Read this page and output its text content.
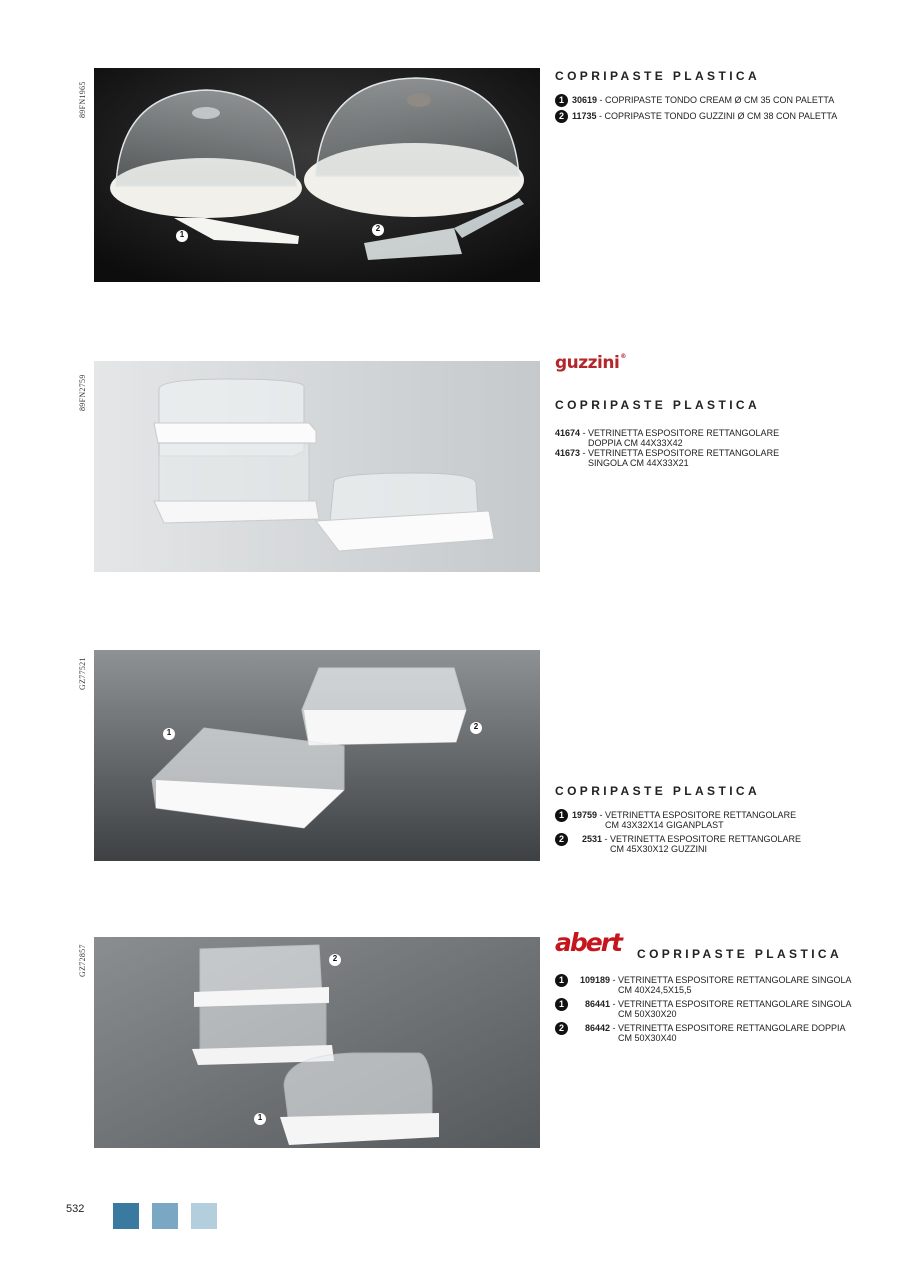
89FN1965
1
2
COPRIPASTE PLASTICA
1 30619 - COPRIPASTE TONDO CREAM Ø CM 35 CON PALETTA
2 11735 - COPRIPASTE TONDO GUZZINI Ø CM 38 CON PALETTA
89FN2759
guzzini®
COPRIPASTE PLASTICA
41674 - VETRINETTA ESPOSITORE RETTANGOLARE
DOPPIA CM 44X33X42
41673 - VETRINETTA ESPOSITORE RETTANGOLARE
SINGOLA CM 44X33X21
GZ77521
1
2
COPRIPASTE PLASTICA
1 19759 - VETRINETTA ESPOSITORE RETTANGOLARE
CM 43X32X14 GIGANPLAST
2	2531 - VETRINETTA ESPOSITORE RETTANGOLARE
CM 45X30X12 GUZZINI
GZ72857	2
1
abert COPRIPASTE PLASTICA
1	109189 - VETRINETTA ESPOSITORE RETTANGOLARE SINGOLA
CM 40X24,5X15,5
1	86441 - VETRINETTA ESPOSITORE RETTANGOLARE SINGOLA
CM 50X30X20
2	86442 - VETRINETTA ESPOSITORE RETTANGOLARE DOPPIA
CM 50X30X40
532
